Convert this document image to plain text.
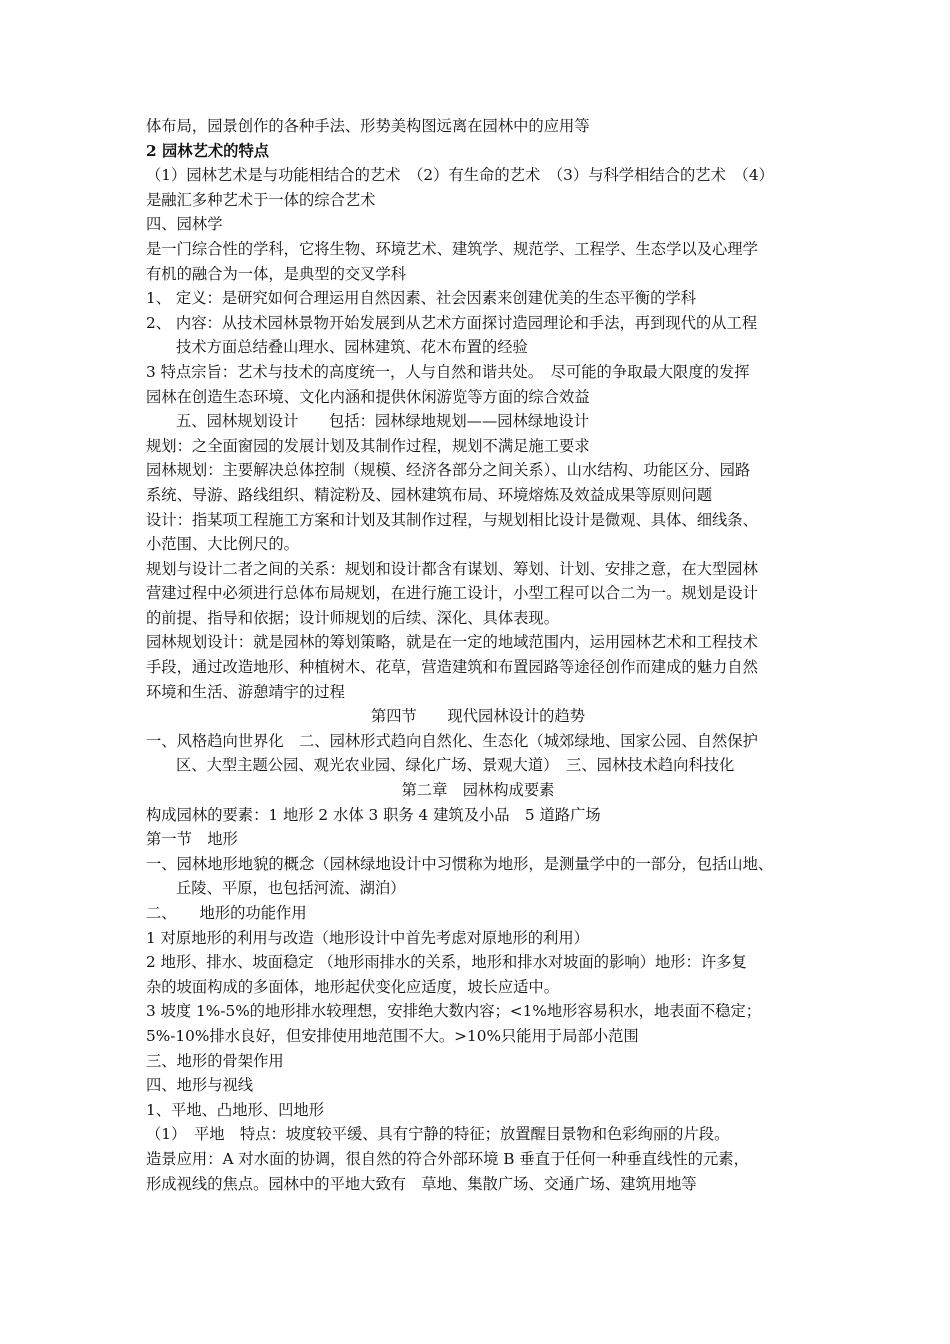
体布局，园景创作的各种手法、形势美构图远离在园林中的应用等
2 园林艺术的特点
（1）园林艺术是与功能相结合的艺术　（2）有生命的艺术　（3）与科学相结合的艺术　（4）
是融汇多种艺术于一体的综合艺术
四、园林学
是一门综合性的学科，它将生物、环境艺术、建筑学、规范学、工程学、生态学以及心理学
有机的融合为一体，是典型的交叉学科
1、 定义：是研究如何合理运用自然因素、社会因素来创建优美的生态平衡的学科
2、 内容：从技术园林景物开始发展到从艺术方面探讨造园理论和手法，再到现代的从工程
技术方面总结叠山理水、园林建筑、花木布置的经验
3 特点宗旨：艺术与技术的高度统一，人与自然和谐共处。　尽可能的争取最大限度的发挥
园林在创造生态环境、文化内涵和提供休闲游览等方面的综合效益
五、园林规划设计　　包括：园林绿地规划——园林绿地设计
规划：之全面窗园的发展计划及其制作过程，规划不满足施工要求
园林规划：主要解决总体控制（规模、经济各部分之间关系）、山水结构、功能区分、园路
系统、导游、路线组织、精淀粉及、园林建筑布局、环境熔炼及效益成果等原则问题
设计：指某项工程施工方案和计划及其制作过程，与规划相比设计是微观、具体、细线条、
小范围、大比例尺的。
规划与设计二者之间的关系：规划和设计都含有谋划、筹划、计划、安排之意，在大型园林
营建过程中必须进行总体布局规划，在进行施工设计，小型工程可以合二为一。规划是设计
的前提、指导和依据；设计师规划的后续、深化、具体表现。
园林规划设计：就是园林的筹划策略，就是在一定的地域范围内，运用园林艺术和工程技术
手段，通过改造地形、种植树木、花草，营造建筑和布置园路等途径创作而建成的魅力自然
环境和生活、游憩靖宇的过程
第四节　　现代园林设计的趋势
一、风格趋向世界化　二、园林形式趋向自然化、生态化（城郊绿地、国家公园、自然保护
区、大型主题公园、观光农业园、绿化广场、景观大道）　三、园林技术趋向科技化
第二章　园林构成要素
构成园林的要素：1 地形 2 水体 3 职务 4 建筑及小品　5 道路广场
第一节　地形
一、园林地形地貌的概念（园林绿地设计中习惯称为地形，是测量学中的一部分，包括山地、
丘陵、平原，也包括河流、湖泊）
二、　　地形的功能作用
1 对原地形的利用与改造（地形设计中首先考虑对原地形的利用）
2 地形、排水、坡面稳定 （地形雨排水的关系，地形和排水对坡面的影响）地形：许多复
杂的坡面构成的多面体，地形起伏变化应适度，坡长应适中。
3 坡度 1%-5%的地形排水较理想，安排绝大数内容；<1%地形容易积水，地表面不稳定；
5%-10%排水良好，但安排使用地范围不大。>10%只能用于局部小范围
三、地形的骨架作用
四、地形与视线
1、平地、凸地形、凹地形
（1）　平地　特点：坡度较平缓、具有宁静的特征；放置醒目景物和色彩绚丽的片段。
造景应用：A 对水面的协调，很自然的符合外部环境 B 垂直于任何一种垂直线性的元素，
形成视线的焦点。园林中的平地大致有　草地、集散广场、交通广场、建筑用地等
